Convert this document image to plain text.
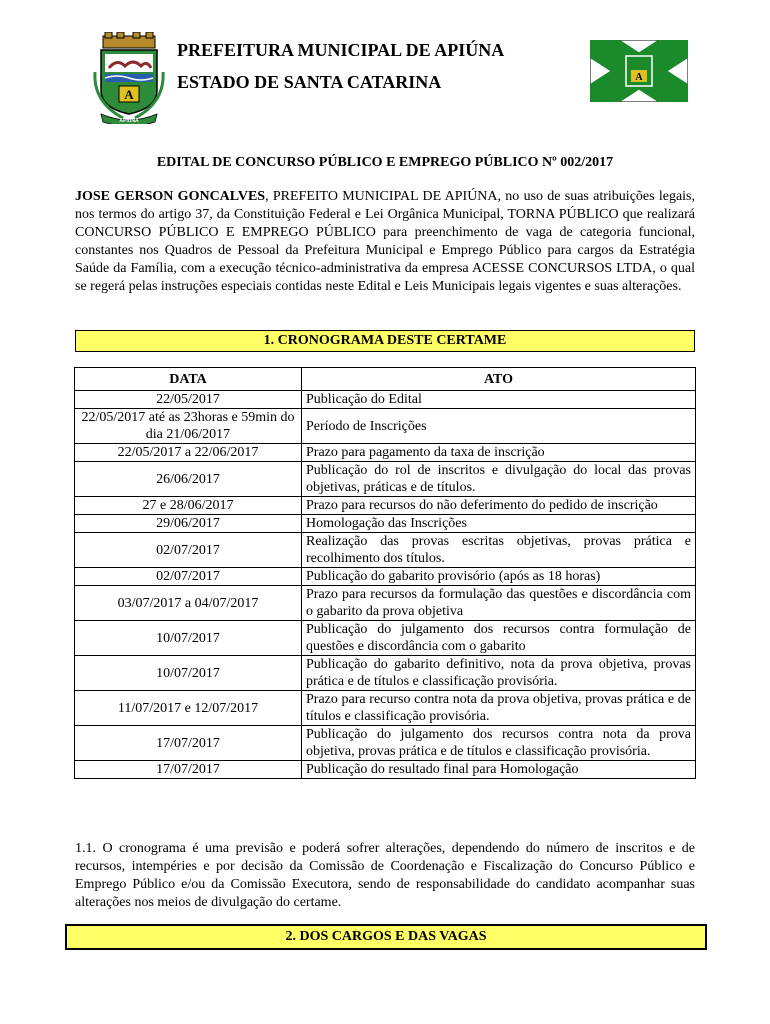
A
APIÚNA
PREFEITURA MUNICIPAL DE APIÚNA
ESTADO DE SANTA CATARINA	A
EDITAL DE CONCURSO PÚBLICO E EMPREGO PÚBLICO Nº 002/2017
JOSE GERSON GONCALVES, PREFEITO MUNICIPAL DE APIÚNA, no uso de suas atribuições legais, nos termos do artigo 37, da Constituição Federal e Lei Orgânica Municipal, TORNA PÚBLICO que realizará CONCURSO PÚBLICO E EMPREGO PÚBLICO para preenchimento de vaga de categoria funcional, constantes nos Quadros de Pessoal da Prefeitura Municipal e Emprego Público para cargos da Estratégia Saúde da Família, com a execução técnico-administrativa da empresa ACESSE CONCURSOS LTDA, o qual se regerá pelas instruções especiais contidas neste Edital e Leis Municipais legais vigentes e suas alterações.
1. CRONOGRAMA DESTE CERTAME
DATA	ATO
22/05/2017	Publicação do Edital
22/05/2017 até as 23horas e 59min do dia 21/06/2017	Período de Inscrições
22/05/2017 a 22/06/2017	Prazo para pagamento da taxa de inscrição
26/06/2017	Publicação do rol de inscritos e divulgação do local das provas objetivas, práticas e de títulos.
27 e 28/06/2017	Prazo para recursos do não deferimento do pedido de inscrição
29/06/2017	Homologação das Inscrições
02/07/2017	Realização das provas escritas objetivas, provas prática e recolhimento dos títulos.
02/07/2017	Publicação do gabarito provisório (após as 18 horas)
03/07/2017 a 04/07/2017	Prazo para recursos da formulação das questões e discordância com o gabarito da prova objetiva
10/07/2017	Publicação do julgamento dos recursos contra formulação de questões e discordância com o gabarito
10/07/2017	Publicação do gabarito definitivo, nota da prova objetiva, provas prática e de títulos e classificação provisória.
11/07/2017 e 12/07/2017	Prazo para recurso contra nota da prova objetiva, provas prática e de títulos e classificação provisória.
17/07/2017	Publicação do julgamento dos recursos contra nota da prova objetiva, provas prática e de títulos e classificação provisória.
17/07/2017	Publicação do resultado final para Homologação
1.1. O cronograma é uma previsão e poderá sofrer alterações, dependendo do número de inscritos e de recursos, intempéries e por decisão da Comissão de Coordenação e Fiscalização do Concurso Público e Emprego Público e/ou da Comissão Executora, sendo de responsabilidade do candidato acompanhar suas alterações nos meios de divulgação do certame.
2. DOS CARGOS E DAS VAGAS
